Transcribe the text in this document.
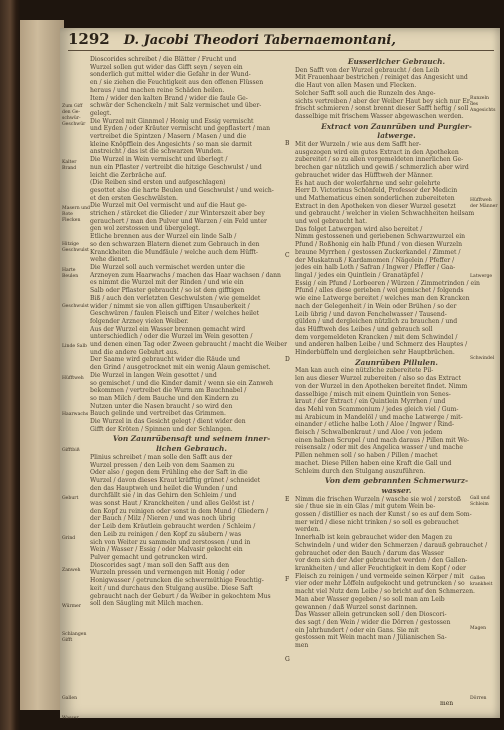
1292 D. Jacobi Theodori Tabernaemontani,
Zum Giff den Ge-schwür-Geschwür
Kalter Brand
Masern und Rote Flecken
Hitzige Geschwulst
Harte Beulen
Geschwulst
Linde Salb
Hüfftweh
Haarwachs
Gifftbiß
Geburt
Grind
Zanweh
Würmer
Schlangen Gifft
Gallen
Wasser
Dioscorides schreibet / die Blätter / Frucht und
Wurzel sollen gut wider das Gifft seyn / seyen ein
sonderlich gut mittel wider die Gefahr in der Wund-
en / sie ziehen die Feuchtigkeit aus den offenen Flüssen
heraus / und machen reine Schäden heilen.
Item / wider den kalten Brand / wider die faule Ge-
schwär der Schenckeln / mit Salz vermischet und über-
gelegt.
Die Wurzel mit Ginnmel / Honig und Essig vermischt
und Eyden / oder Kräuter vermischt und gepflastert / man
vertreibet die Spintzen / Masern / Masen / und die
kleine Knöpfflein des Angesichts / so man sie darmit
anstreicht / das ist die schwarzen Wunden.
Die Wurzel in Wein vermischt und überlegt /
nun ein Pflaster / vertreibt die hitzige Geschwulst / und
leicht die Zerbräche auf.
(Die Reiben sind ersten und aufgeschlagen)
gesottet also die harte Beulen und Geschwulst / und weich-
et den ersten Geschwülsten.
Die Wurzel mit Oel vermischt und auf die Haut ge-
strichen / stärcket die Glieder / zur Winterszeit aber bey
gerauchert / man den Pulver und Warzen / ein Feld unter
gen wol zerstossen und übergelegt.
Etliche brennen aus der Wurzel ein linde Salb /
so den schwarzen Blatern dienet zum Gebrauch in den
Kranckheiten die Mundfäule / welche auch dem Hüfft-
wehe dienet.
Die Wurzel soll auch vermischet werden unter die
Arzneyen zum Haarwachs / machen das Haar wachsen / dann
es nimmt die Wurzel mit der Rinden / und wie ein
Salb oder Pflaster gebraucht / so ist dem gifftigen
Biß / auch den verletzten Geschwulsten / wie gemeldet
wider / nimmt sie von allen gifftigen Unsauberkeit /
Geschwüren / faulen Fleisch und Eiter / welches heilet
folgender Arzney vielen Weiber.
Aus der Wurzel ein Wasser brennen gemacht wird
unterschiedlich / oder die Wurzel im Wein gesotten /
und denen einen Tag oder Zween gebraucht / macht die Weiber
und die andere Gebuhrt aus.
Der Saame wird gebraucht wider die Räude und
den Grind / ausgetrocknet mit ein wenig Alaun gemischet.
Die Wurzel in langen Wein gesottet / und
so gemischet / und die Kinder damit / wenn sie ein Zanweh
bekommen / vertreibet die Wurm am Bauchnabel /
so man Milch / dem Bauche und den Kindern zu
Nutzen unter die Nasen braucht / so wird den
Bauch gelinde und vertreibet das Grimmen.
Die Wurzel in das Gesicht gelegt / dient wider den
Gifft der Kröten / Spinnen und der Schlangen.
Von Zaunrübensaft und seinem inner-
lichen Gebrauch.
Plinius schreibet / man solle den Safft aus der
Wurzel pressen / den Leib von dem Saamen zu
Oder also / gegen dem Frühling ehe der Saft in die
Wurzel / davon dieses Kraut kräfftig grünet / schneidet
den das Hauptweh und heilet die Wunden / und
durchfällt sie / in das Gehirn den Schleim / und
was sonst Haut / Kranckheiten / und alles Gelöst ist /
den Kopf zu reinigen oder sonst in dem Mund / Gliedern /
der Bauch / Milz / Nieren / und was noch übrig
der Leib dem Kräutlein gebraucht werden / Schleim /
den Leib zu reinigen / den Kopf zu säubern / was
sich von Weiter zu sammeln und zerstossen / und in
Wein / Wasser / Essig / oder Malvasir gekocht ein
Pulver gemacht und getruncken wird.
Dioscorides sagt / man soll den Safft aus den
Wurzeln pressen und vermengen mit Honig / oder
Honigwasser / getruncken die schwermüthige Feuchtig-
keit / und durchaus den Stulgang ausübe. Diese Saft
gebraucht nach der Geburt / da Weiber in gekochtem Mus
soll den Säugling mit Milch machen.
B
C
D
E
F
G
Eusserlicher Gebrauch.
Den Safft von der Wurzel gebraucht / den Leib
Mit Frauenhaar bestrichen / reiniget das Angesicht und
die Haut von allen Masen und Flecken.
Solcher Safft soll auch die Runzeln des Ange-
sichts vertreiben / aber der Weiber Haut bey sich nur Er-
frischt schmieren / sonst brennt dieser Safft heftig / soll
dasselbige mit frischem Wasser abgewaschen werden.
Extract von Zaunrüben und Purgier-
latwerge.
Mit der Wurzeln / wie aus dem Safft her-
ausgezogen wird ein gutes Extract in den Apotheken
zubereitet / so zu allen vorgemeldeten innerlichen Ge-
brechen gar nützlich und gewiß / schmerzlich aber wird
gebrauchet wider das Hüfftweh der Männer.
Es hat auch der wolerfahrne und sehr gelehrte
Herr D. Victorinus Schönfeld, Professor der Medicin
und Mathematicus einen sonderlichen zubereiteten
Extract in den Apotheken von dieser Wurzel gesetzt
und gebraucht / welcher in vielen Schwachheiten heilsam
und wol gebraucht hat.
Das folget Latwergen wird also bereitet /
Nimm gestossenen und geriebenen Schwarzwurzel ein
Pfund / Roßhonig ein halb Pfund / von diesen Wurzeln
braune Myrrhen / gestossen Zuckerkandel / Zimmet /
der Muskatnuß / Kardamomen / Nägelein / Pfeffer /
jedes ein halb Loth / Safran / Ingwer / Pfeffer / Gaa-
lingal / jedes ein Quintlein / Granatäpfel /
Essig / ein Pfund / Lorbeeren / Würzen / Zimmetrinden / ein
Pfund / alles diese gerieben / wol gemischet / folgends
wie eine Latwerge bereitet / welches man den Krancken
nach der Gelegenheit / in Wein oder Brühen / so der
Leib übrig / und davon Fenchelwasser / Tausend-
gülden / und dergleichen nützlich zu brauchen / und
das Hüfftweh des Leibes / und gebrauch soll
dem vorgemeldeten Krancken / mit dem Schwindel /
und anderen halben Leibe / und Schmerz des Hauptes /
Hinderbüffeln und dergleichen sehr Hauptbrüchen.
Zaunrüben Pillulen.
Man kan auch eine nützliche zubereitete Pil-
len aus dieser Wurzel zubereiten / also so das Extract
von der Wurzel in den Apotheken bereitet findet. Nimm
dasselbige / misch mit einem Quintlein von Senes-
kraut / der Extract / ein Quintlein Myrrhen / und
das Mehl von Scammonium / jedes gleich viel / Gum-
mi Arabicum in Mandelöl / und mache Latwerge / mit-
einander / etliche halbe Loth / Aloe / Ingwer / Rind-
fleisch / Schwalbenkraut / und Aloe / von jedem
einen halben Scrupel / und mach daraus / Pillen mit We-
reisensalz / oder mit des Angelica wasser / und mache
Pillen nehmen soll / so haben / Pillen / machet
machet. Diese Pillen haben eine Kraft die Gall und
Schleim durch den Stulgang auszuführen.
Von dem gebrannten Schmerwurz-
wasser.
Nimm die frischen Wurzeln / wasche sie wol / zerstoß
sie / thue sie in ein Glas / mit gutem Wein be-
gossen / distillier es nach der Kunst / so es auf dem Som-
mer wird / diese nicht trinken / so soll es gebrauchet
werden.
Innerhalb ist kein gebrauchet wider den Magen zu
Schwindeln / und wider den Schmerzen / darauß gebrauchet /
gebrauchet oder den Bauch / darum das Wasser
vor dem sich der Ader gebrauchet werden / den Gallen-
krankheiten / und aller Feuchtigkeit in dem Kopf / oder
Fleisch zu reinigen / und vermeide seinen Körper / mit
vier oder mehr Löffeln aufgekocht und getruncken / so
macht viel Nutz dem Leibe / so bricht auf den Schmerzen.
Man aber Wasser gegeben / so soll man am Leib
gewannen / daß Wurzel sonst darinnen.
Das Wasser allein getruncken soll / den Dioscori-
des sagt / den Wein / wider die Dörren / gestossen
ein Jahrhundert / oder ein Gans. Sie mit
gestossen mit Wein macht man / Jülianischen Sa-
men
Runzeln des Angesichts
Hüfftweh der Männer
Latwerge
Schwindel
Gall und Schleim
Gallen krankheit
Magen
Dörren
men
